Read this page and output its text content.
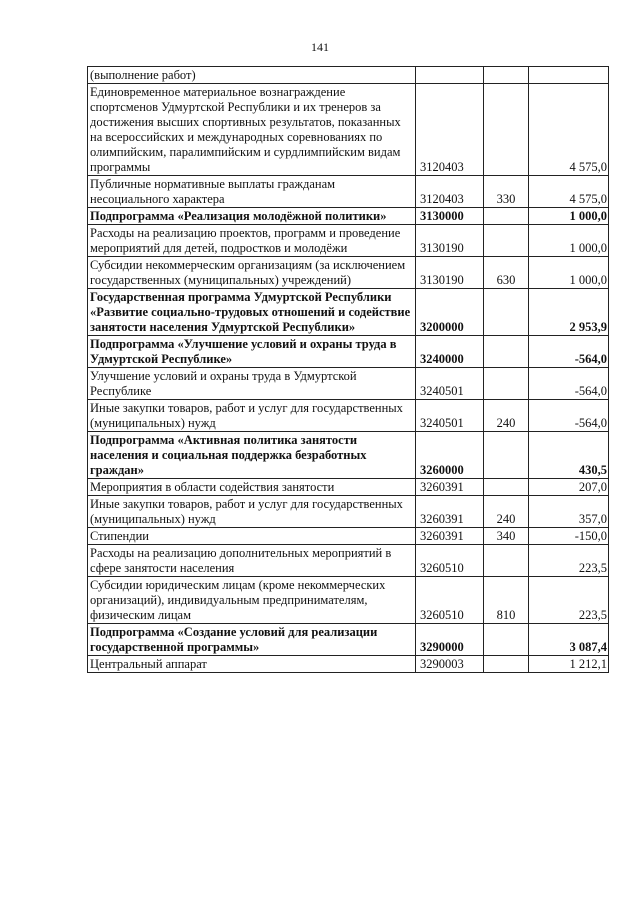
141
(выполнение работ)			
Единовременное материальное вознаграждение спортсменов Удмуртской Республики и их тренеров за достижения высших спортивных результатов, показанных на всероссийских и международных соревнованиях по олимпийским, паралимпийским и сурдлимпийским видам программы	3120403		4 575,0
Публичные нормативные выплаты гражданам несоциального характера	3120403	330	4 575,0
Подпрограмма «Реализация молодёжной политики»	3130000		1 000,0
Расходы на реализацию проектов, программ и проведение мероприятий для детей, подростков и молодёжи	3130190		1 000,0
Субсидии некоммерческим организациям (за исключением государственных (муниципальных) учреждений)	3130190	630	1 000,0
Государственная программа Удмуртской Республики «Развитие социально-трудовых отношений и содействие занятости населения Удмуртской Республики»	3200000		2 953,9
Подпрограмма «Улучшение условий и охраны труда в Удмуртской Республике»	3240000		-564,0
Улучшение условий и охраны труда в Удмуртской Республике	3240501		-564,0
Иные закупки товаров, работ и услуг для государственных (муниципальных) нужд	3240501	240	-564,0
Подпрограмма «Активная политика занятости населения и социальная поддержка безработных граждан»	3260000		430,5
Мероприятия в области содействия занятости	3260391		207,0
Иные закупки товаров, работ и услуг для государственных (муниципальных) нужд	3260391	240	357,0
Стипендии	3260391	340	-150,0
Расходы на реализацию дополнительных мероприятий в сфере занятости населения	3260510		223,5
Субсидии юридическим лицам (кроме некоммерческих организаций), индивидуальным предпринимателям, физическим лицам	3260510	810	223,5
Подпрограмма «Создание условий для реализации государственной программы»	3290000		3 087,4
Центральный аппарат	3290003		1 212,1
